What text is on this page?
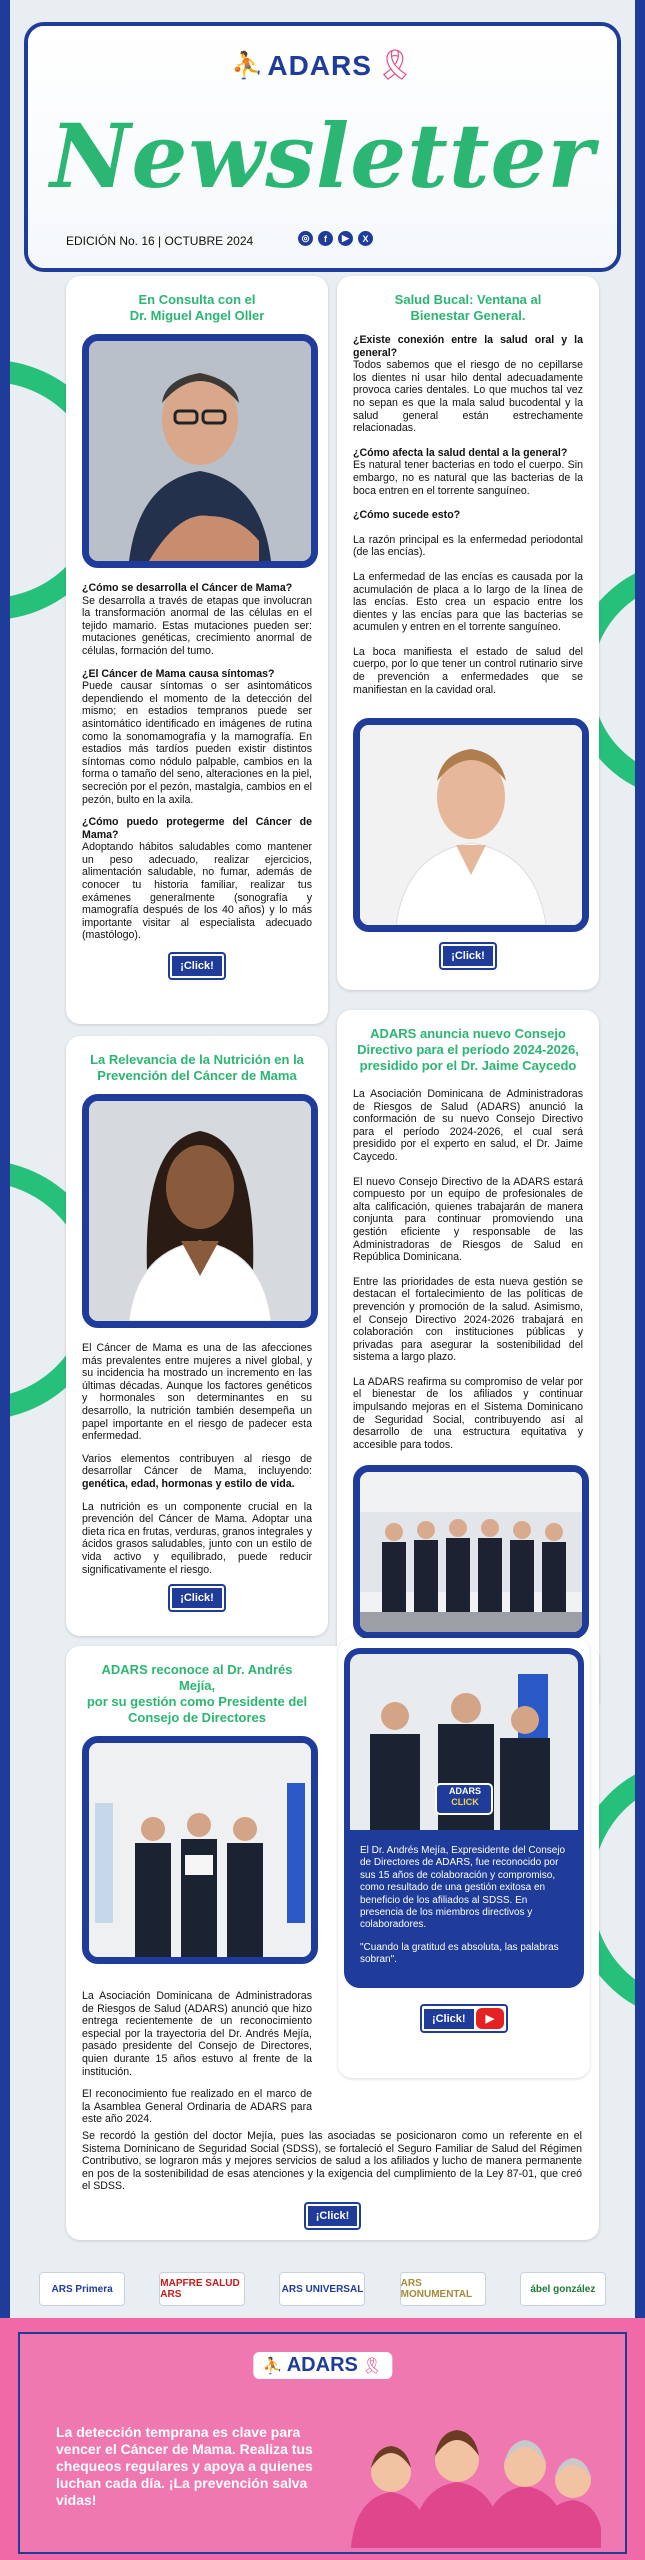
⛹ ADARS 🎗
Newsletter
EDICIÓN No. 16 | OCTUBRE 2024	◎	f	▶	X
En Consulta con el
Dr. Miguel Angel Oller
¿Cómo se desarrolla el Cáncer de Mama?
Se desarrolla a través de etapas que involucran la transformación anormal de las células en el tejido mamario. Estas mutaciones pueden ser: mutaciones genéticas, crecimiento anormal de células, formación del tumo.
¿El Cáncer de Mama causa síntomas?
Puede causar síntomas o ser asintomáticos dependiendo el momento de la detección del mismo; en estadios tempranos puede ser asintomático identificado en imágenes de rutina como la sonomamografía y la mamografía. En estadios más tardíos pueden existir distintos síntomas como nódulo palpable, cambios en la forma o tamaño del seno, alteraciones en la piel, secreción por el pezón, mastalgia, cambios en el pezón, bulto en la axila.
¿Cómo puedo protegerme del Cáncer de Mama?
Adoptando hábitos saludables como mantener un peso adecuado, realizar ejercicios, alimentación saludable, no fumar, además de conocer tu historia familiar, realizar tus exámenes generalmente (sonografía y mamografía después de los 40 años) y lo más importante visitar al especialista adecuado (mastólogo).
¡Click!
Salud Bucal: Ventana al
Bienestar General.
¿Existe conexión entre la salud oral y la general?
Todos sabemos que el riesgo de no cepillarse los dientes ni usar hilo dental adecuadamente provoca caries dentales. Lo que muchos tal vez no sepan es que la mala salud bucodental y la salud general están estrechamente relacionadas.
¿Cómo afecta la salud dental a la general?
Es natural tener bacterias en todo el cuerpo. Sin embargo, no es natural que las bacterias de la boca entren en el torrente sanguíneo.
¿Cómo sucede esto?
La razón principal es la enfermedad periodontal (de las encías).
La enfermedad de las encías es causada por la acumulación de placa a lo largo de la línea de las encías. Esto crea un espacio entre los dientes y las encías para que las bacterias se acumulen y entren en el torrente sanguíneo.
La boca manifiesta el estado de salud del cuerpo, por lo que tener un control rutinario sirve de prevención a enfermedades que se manifiestan en la cavidad oral.
¡Click!
La Relevancia de la Nutrición en la
Prevención del Cáncer de Mama
El Cáncer de Mama es una de las afecciones más prevalentes entre mujeres a nivel global, y su incidencia ha mostrado un incremento en las últimas décadas. Aunque los factores genéticos y hormonales son determinantes en su desarrollo, la nutrición también desempeña un papel importante en el riesgo de padecer esta enfermedad.
Varios elementos contribuyen al riesgo de desarrollar Cáncer de Mama, incluyendo: genética, edad, hormonas y estilo de vida.
La nutrición es un componente crucial en la prevención del Cáncer de Mama. Adoptar una dieta rica en frutas, verduras, granos integrales y ácidos grasos saludables, junto con un estilo de vida activo y equilibrado, puede reducir significativamente el riesgo.
¡Click!
ADARS anuncia nuevo Consejo
Directivo para el período 2024-2026,
presidido por el Dr. Jaime Caycedo
La Asociación Dominicana de Administradoras de Riesgos de Salud (ADARS) anunció la conformación de su nuevo Consejo Directivo para el período 2024-2026, el cual será presidido por el experto en salud, el Dr. Jaime Caycedo.
El nuevo Consejo Directivo de la ADARS estará compuesto por un equipo de profesionales de alta calificación, quienes trabajarán de manera conjunta para continuar promoviendo una gestión eficiente y responsable de las Administradoras de Riesgos de Salud en República Dominicana.
Entre las prioridades de esta nueva gestión se destacan el fortalecimiento de las políticas de prevención y promoción de la salud. Asimismo, el Consejo Directivo 2024-2026 trabajará en colaboración con instituciones públicas y privadas para asegurar la sostenibilidad del sistema a largo plazo.
La ADARS reafirma su compromiso de velar por el bienestar de los afiliados y continuar impulsando mejoras en el Sistema Dominicano de Seguridad Social, contribuyendo así al desarrollo de una estructura equitativa y accesible para todos.
ADARS reconoce al Dr. Andrés Mejía,
por su gestión como Presidente del
Consejo de Directores
La Asociación Dominicana de Administradoras de Riesgos de Salud (ADARS) anunció que hizo entrega recientemente de un reconocimiento especial por la trayectoria del Dr. Andrés Mejía, pasado presidente del Consejo de Directores, quien durante 15 años estuvo al frente de la institución.
El reconocimiento fue realizado en el marco de la Asamblea General Ordinaria de ADARS para este año 2024.
ADARS
CLICK
El Dr. Andrés Mejía, Expresidente del Consejo de Directores de ADARS, fue reconocido por sus 15 años de colaboración y compromiso, como resultado de una gestión exitosa en beneficio de los afiliados al SDSS. En presencia de los miembros directivos y colaboradores.
"Cuando la gratitud es absoluta, las palabras sobran".
¡Click!	▶
Se recordó la gestión del doctor Mejía, pues las asociadas se posicionaron como un referente en el Sistema Dominicano de Seguridad Social (SDSS), se fortaleció el Seguro Familiar de Salud del Régimen Contributivo, se lograron más y mejores servicios de salud a los afiliados y lucho de manera permanente en pos de la sostenibilidad de esas atenciones y la exigencia del cumplimiento de la Ley 87-01, que creó el SDSS.
¡Click!
ARS Primera	MAPFRE SALUD ARS	ARS UNIVERSAL	ARS MONUMENTAL	ábel gonzález
⛹ ADARS 🎗
La detección temprana es clave para vencer el Cáncer de Mama. Realiza tus chequeos regulares y apoya a quienes luchan cada día. ¡La prevención salva vidas!
